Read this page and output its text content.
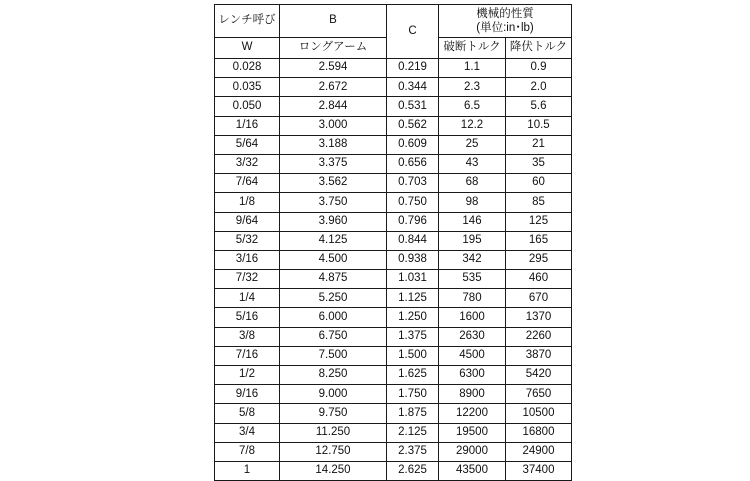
レンチ呼び	B	C	機械的性質
(単位:in･lb)	

W	ロングアーム		破断トルク	降伏トルク
0.028	2.594	0.219	1.1	0.9
0.035	2.672	0.344	2.3	2.0
0.050	2.844	0.531	6.5	5.6
1/16	3.000	0.562	12.2	10.5
5/64	3.188	0.609	25	21
3/32	3.375	0.656	43	35
7/64	3.562	0.703	68	60
1/8	3.750	0.750	98	85
9/64	3.960	0.796	146	125
5/32	4.125	0.844	195	165
3/16	4.500	0.938	342	295
7/32	4.875	1.031	535	460
1/4	5.250	1.125	780	670
5/16	6.000	1.250	1600	1370
3/8	6.750	1.375	2630	2260
7/16	7.500	1.500	4500	3870
1/2	8.250	1.625	6300	5420
9/16	9.000	1.750	8900	7650
5/8	9.750	1.875	12200	10500
3/4	11.250	2.125	19500	16800
7/8	12.750	2.375	29000	24900
1	14.250	2.625	43500	37400
